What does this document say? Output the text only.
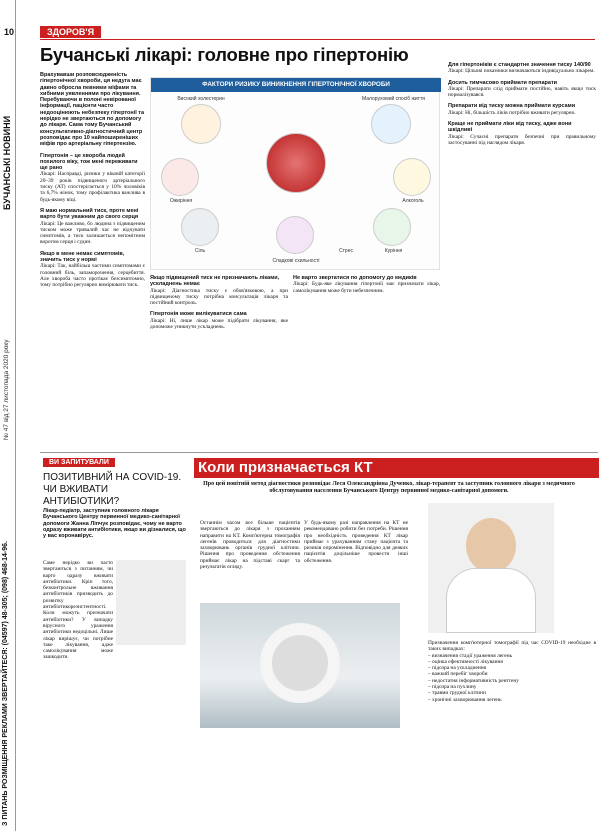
10
БУЧАНСЬКІ НОВИНИ
№ 47 від 27 листопада 2020 року
З ПИТАНЬ РОЗМІЩЕННЯ РЕКЛАМИ ЗВЕРТАЙТЕСЯ: (04597) 48-305; (098) 468-14-96.
ЗДОРОВ'Я
Бучанські лікарі: головне про гіпертонію

Врахувавши розповсюдженість гіпертонічної хвороби, ця недуга має давно обросла певними міфами та хибними уявленнями про лікування. Перебуваючи в полоні невірованої інформації, пацієнти часто недооцінюють небезпеку гіпертонії та нерідко не звертаються по допомогу до лікаря. Сама тому Бучанський консультативно-діагностичний центр розповідає про 10 найпоширеніших міфів про артеріальну гіпертензію.

Гіпертонія – це хвороба людей похилого віку, тож мені переживати ще рано

Лікарі: Насправді, ризики у віковій категорії 20–39 років підвищеного артеріального тиску (АТ) спостерігається у 10% чоловіків та 6,7% жінок, тому профілактика важлива в будь-якому віці.

Я маю нормальний тиск, проте мені варто бути уважним до свого серця

Лікарі: Це важливо, бо людина з підвищеним тиском може тривалий час не відчувати симптомів, а тиск залишається непомітним ворогом серця і судин.

Якщо в мене немає симптомів, значить тиск у нормі

Лікарі: Так, найбільш частими симптомами є головний біль, запаморочення, серцебиття. Але хвороба часто протікає безсимптомно, тому потрібно регулярно вимірювати тиск.

ФАКТОРИ РИЗИКУ ВИНИКНЕННЯ ГІПЕРТОНІЧНОЇ ХВОРОБИ
Високий холестерин	Малорухомий спосіб життя
Ожиріння	Алкоголь
Сіль
Спадкові схильності
Стрес	Куріння

Якщо підвищений тиск не призначають ліками, ускладнень немає

Лікарі: Діагностика тиску є обов'язковою, а при підвищеному тиску потрібна консультація лікаря та постійний контроль.

Гіпертонія може вилікуватися сама

Лікарі: Ні, лише лікар може підібрати лікування, яке допоможе уникнути ускладнень.

Не варто звертатися по допомогу до медиків

Лікарі: Будь-яке лікування гіпертонії має призначати лікар, самолікування може бути небезпечним.

Для гіпертоніків є стандартне значення тиску 140/90

Лікарі: Цільові показники визначаються індивідуально лікарем.

Досить тимчасово приймати препарати

Лікарі: Препарати слід приймати постійно, навіть якщо тиск нормалізувався.

Препарати від тиску можна приймати курсами

Лікарі: Ні, більшість ліків потрібно вживати регулярно.

Краще не приймати ліки від тиску, адже вони шкідливі

Лікарі: Сучасні препарати безпечні при правильному застосуванні під наглядом лікаря.

ВИ ЗАПИТУВАЛИ
ПОЗИТИВНИЙ НА COVID-19. ЧИ ВЖИВАТИ АНТИБІОТИКИ?
Лікар-педіатр, заступник головного лікаря Бучанського Центру первинної медико-санітарної допомоги Жанна Ліпчук розповідає, чому не варто одразу вживати антибіотики, якщо ви дізналися, що у вас коронавірус.
Саме нерідко ви часто звертаються з питанням, чи варто одразу вживати антибіотики. Кріп того, безконтрольне вживання антибіотиків призводить до розвитку антибіотикорезистентності. Коли можуть призначати антибіотики? У випадку вірусного ураження антибіотики недоцільні. Лише лікар вирішує, чи потрібне таке лікування, адже самолікування може зашкодити.
Коли призначається КТ
Про цей новітній метод діагностики розповідає Леся Олександрівна Дученко, лікар-терапевт та заступник головного лікаря з медичного обслуговування населення Бучанського Центру первинної медико-санітарної допомоги.
Останнім часом все більше пацієнтів звертаються до лікаря з проханням направити на КТ. Комп'ютерна томографія легенів проводиться для діагностики захворювань органів грудної клітини. Рішення про проведення обстеження приймає лікар на підставі скарг та результатів огляду.
У будь-якому разі направлення на КТ не рекомендовано робити без потреби. Рішення про необхідність проведення КТ лікар приймає з урахуванням стану пацієнта та ризиків опромінення. Відповідно для деяких пацієнтів доцільніше провести інші обстеження.

Призначення комп'ютерної томографії під час COVID-19 необхідне в таких випадках:

– визначення стадії ураження легень
– оцінка ефективності лікування
– підозра на ускладнення
– важкий перебіг хвороби
– недостатня інформативність рентгену
– підозра на пухлину
– травми грудної клітини
– хронічні захворювання легень
